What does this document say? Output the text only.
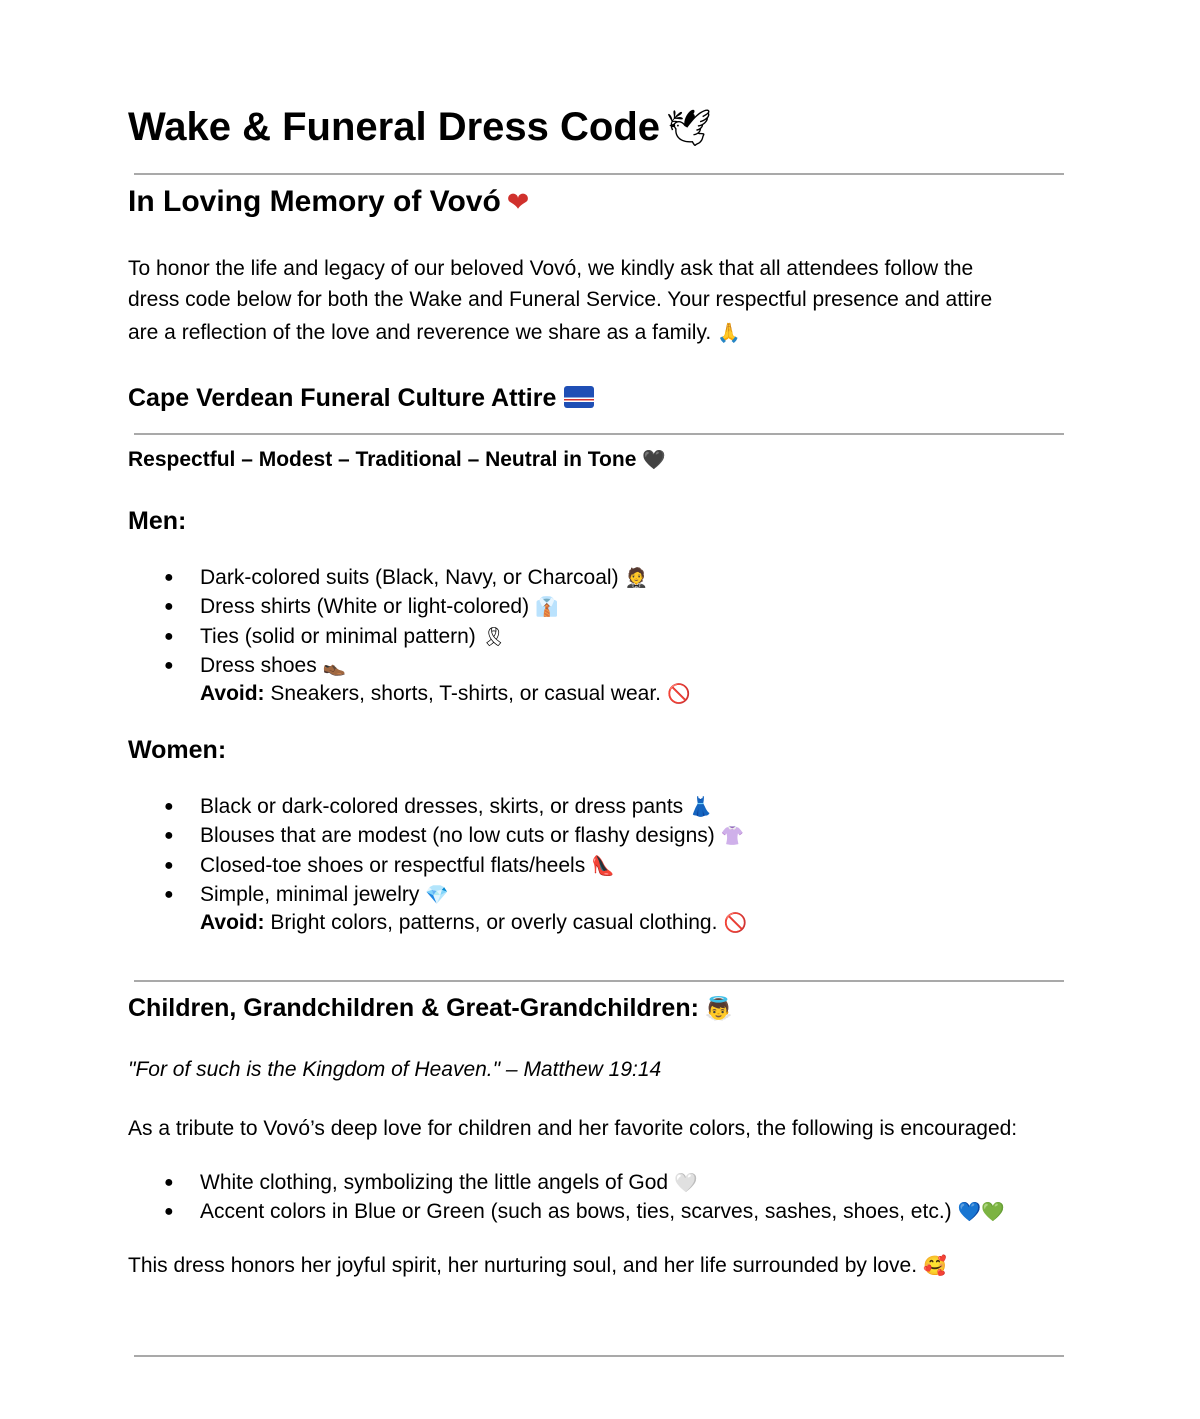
Wake & Funeral Dress Code 🕊
In Loving Memory of Vovó ❤
To honor the life and legacy of our beloved Vovó, we kindly ask that all attendees follow the
dress code below for both the Wake and Funeral Service. Your respectful presence and attire
are a reflection of the love and reverence we share as a family. 🙏
Cape Verdean Funeral Culture Attire
Respectful – Modest – Traditional – Neutral in Tone 🖤
Men:
● Dark-colored suits (Black, Navy, or Charcoal) 🤵
● Dress shirts (White or light-colored) 👔
● Ties (solid or minimal pattern) 🎗
● Dress shoes 👞
Avoid: Sneakers, shorts, T-shirts, or casual wear. 🚫
Women:
● Black or dark-colored dresses, skirts, or dress pants 👗
● Blouses that are modest (no low cuts or flashy designs) 👚
● Closed-toe shoes or respectful flats/heels 👠
● Simple, minimal jewelry 💎
Avoid: Bright colors, patterns, or overly casual clothing. 🚫
Children, Grandchildren & Great-Grandchildren: 👼
"For of such is the Kingdom of Heaven." – Matthew 19:14
As a tribute to Vovó’s deep love for children and her favorite colors, the following is encouraged:
● White clothing, symbolizing the little angels of God 🤍
● Accent colors in Blue or Green (such as bows, ties, scarves, sashes, shoes, etc.) 💙💚
This dress honors her joyful spirit, her nurturing soul, and her life surrounded by love. 🥰
